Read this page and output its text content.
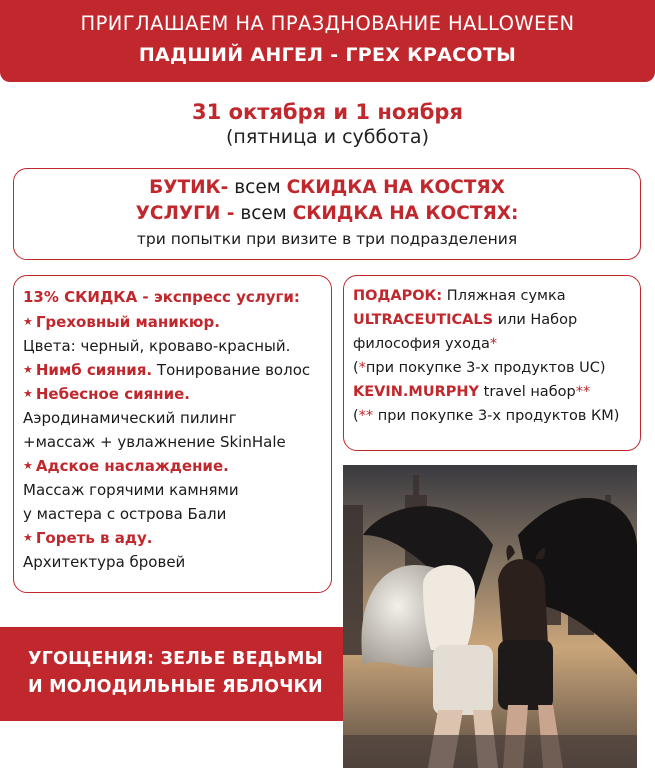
ПРИГЛАШАЕМ НА ПРАЗДНОВАНИЕ HALLOWEEN
ПАДШИЙ АНГЕЛ - ГРЕХ КРАСОТЫ
31 октября и 1 ноября
(пятница и суббота)
БУТИК- всем СКИДКА НА КОСТЯХ
УСЛУГИ - всем СКИДКА НА КОСТЯХ:
три попытки при визите в три подразделения
13% СКИДКА - экспресс услуги:
★ Греховный маникюр.
Цвета: черный, кроваво-красный.
★ Нимб сияния. Тонирование волос
★ Небесное сияние.
Аэродинамический пилинг
+массаж + увлажнение SkinHale
★ Адское наслаждение.
Массаж горячими камнями
у мастера с острова Бали
★ Гореть в аду.
Архитектура бровей
ПОДАРОК: Пляжная сумка
ULTRACEUTICALS или Набор
философия ухода*
(*при покупке 3-х продуктов UC)
KEVIN.MURPHY travel набор**
(** при покупке 3-х продуктов КМ)
УГОЩЕНИЯ: ЗЕЛЬЕ ВЕДЬМЫ
И МОЛОДИЛЬНЫЕ ЯБЛОЧКИ
